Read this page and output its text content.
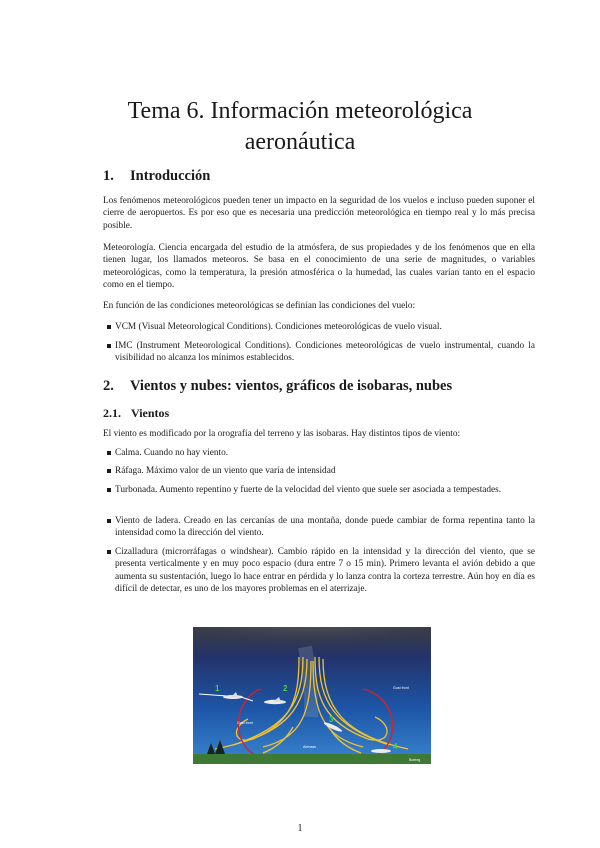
Tema 6. Información meteorológica
aeronáutica
1. Introducción

Los fenómenos meteorológicos pueden tener un impacto en la seguridad de los vuelos e incluso pueden suponer el cierre de aeropuertos. Es por eso que es necesaria una predicción meteorológica en tiempo real y lo más precisa posible.

Meteorología. Ciencia encargada del estudio de la atmósfera, de sus propiedades y de los fenómenos que en ella tienen lugar, los llamados meteoros. Se basa en el conocimiento de una serie de magnitudes, o variables meteorológicas, como la temperatura, la presión atmosférica o la humedad, las cuales varían tanto en el espacio como en el tiempo.

En función de las condiciones meteorológicas se definían las condiciones del vuelo:

VCM (Visual Meteorological Conditions). Condiciones meteorológicas de vuelo visual.
IMC (Instrument Meteorological Conditions). Condiciones meteorológicas de vuelo instrumental, cuando la visibilidad no alcanza los mínimos establecidos.
2. Vientos y nubes: vientos, gráficos de isobaras, nubes
2.1. Vientos

El viento es modificado por la orografía del terreno y las isobaras. Hay distintos tipos de viento:

Calma. Cuando no hay viento.
Ráfaga. Máximo valor de un viento que varía de intensidad
Turbonada. Aumento repentino y fuerte de la velocidad del viento que suele ser asociada a tempestades.
Viento de ladera. Creado en las cercanías de una montaña, donde puede cambiar de forma repentina tanto la intensidad como la dirección del viento.
Cizalladura (microrráfagas o windshear). Cambio rápido en la intensidad y la dirección del viento, que se presenta verticalmente y en muy poco espacio (dura entre 7 o 15 min). Primero levanta el avión debido a que aumenta su sustentación, luego lo hace entrar en pérdida y lo lanza contra la corteza terrestre. Aún hoy en día es difícil de detectar, es uno de los mayores problemas en el aterrizaje.
1	2
3
4
Gust front
Gust front
Airmass
Boeing
1
